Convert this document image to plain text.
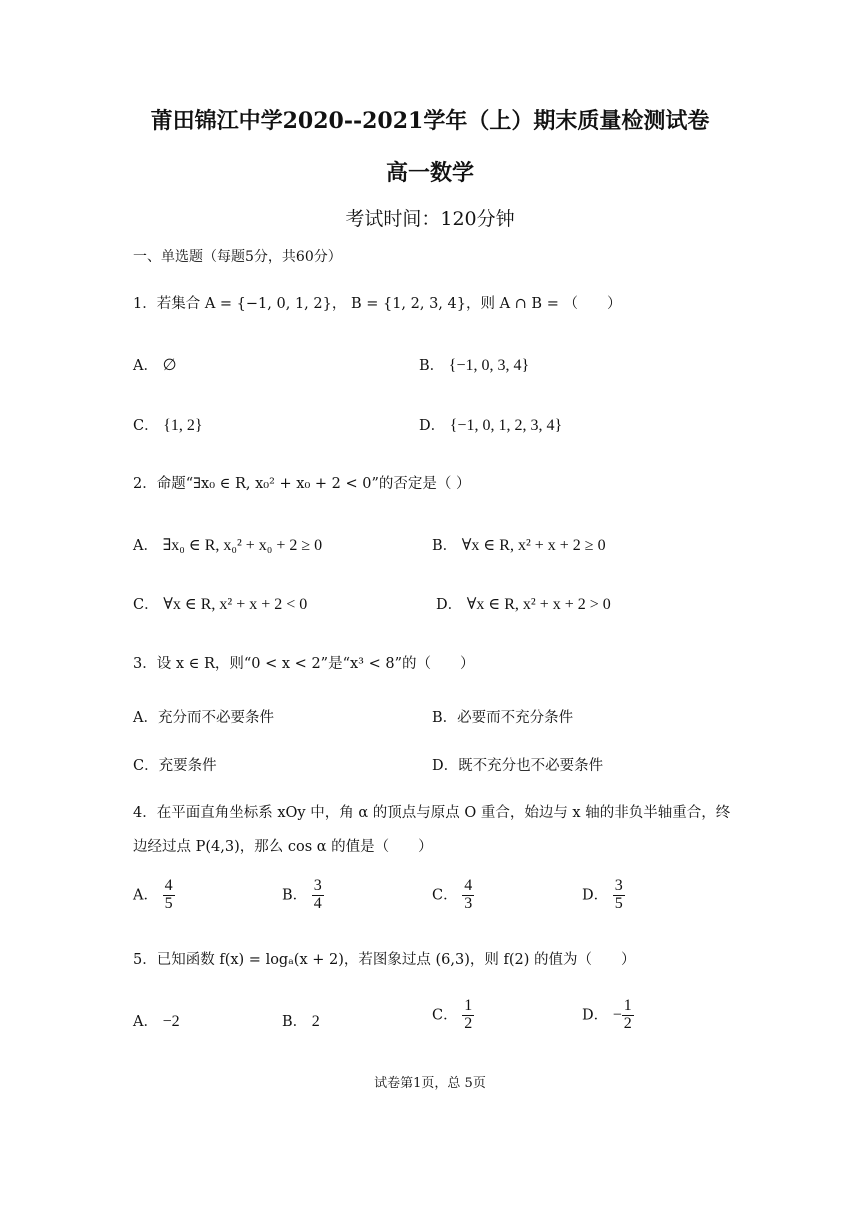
莆田锦江中学2020--2021学年（上）期末质量检测试卷
高一数学
考试时间：120分钟
一、单选题（每题5分，共60分）
1．若集合 A = {−1, 0, 1, 2}， B = {1, 2, 3, 4}，则 A ∩ B = （　　）
A． ∅	B． {−1, 0, 3, 4}
C． {1, 2}	D． {−1, 0, 1, 2, 3, 4}
2．命题“∃x₀ ∈ R, x₀² + x₀ + 2 < 0”的否定是（ ）
A． ∃x₀ ∈ R, x₀² + x₀ + 2 ≥ 0	B． ∀x ∈ R, x² + x + 2 ≥ 0
C． ∀x ∈ R, x² + x + 2 < 0	D． ∀x ∈ R, x² + x + 2 > 0
3．设 x ∈ R，则“0 < x < 2”是“x³ < 8”的（　　）
A．充分而不必要条件	B．必要而不充分条件
C．充要条件	D．既不充分也不必要条件
4．在平面直角坐标系 xOy 中，角 α 的顶点与原点 O 重合，始边与 x 轴的非负半轴重合，终
边经过点 P(4,3)，那么 cos α 的值是（　　）
A． $\frac{4}{5}$	B． $\frac{3}{4}$	C． $\frac{4}{3}$	D． $\frac{3}{5}$
5．已知函数 f(x) = logₐ(x + 2)，若图象过点 (6,3)，则 f(2) 的值为（　　）
A． −2	B． 2	C． $\frac{1}{2}$	D． − $\frac{1}{2}$
试卷第1页，总 5页
